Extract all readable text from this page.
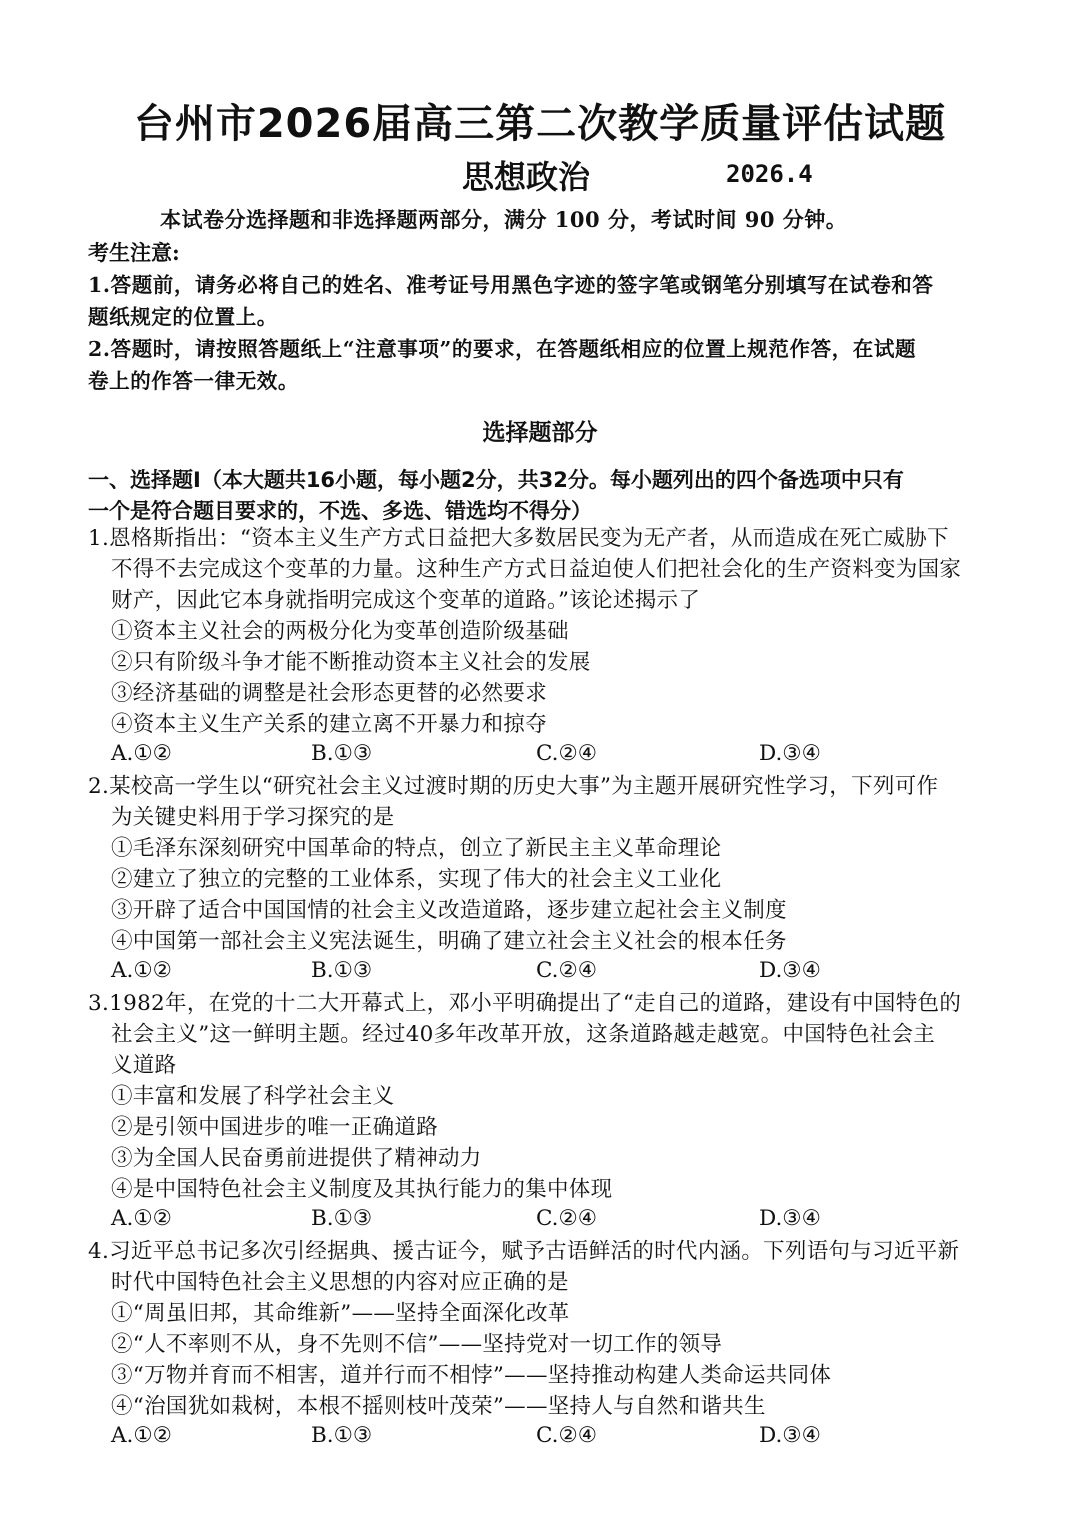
台州市2026届高三第二次教学质量评估试题
思想政治	2026.4
本试卷分选择题和非选择题两部分，满分 100 分，考试时间 90 分钟。
考生注意:
1.答题前，请务必将自己的姓名、准考证号用黑色字迹的签字笔或钢笔分别填写在试卷和答
题纸规定的位置上。
2.答题时，请按照答题纸上“注意事项”的要求，在答题纸相应的位置上规范作答，在试题
卷上的作答一律无效。
选择题部分
一、选择题Ⅰ（本大题共16小题，每小题2分，共32分。每小题列出的四个备选项中只有
一个是符合题目要求的，不选、多选、错选均不得分）
1.恩格斯指出：“资本主义生产方式日益把大多数居民变为无产者，从而造成在死亡威胁下
不得不去完成这个变革的力量。这种生产方式日益迫使人们把社会化的生产资料变为国家
财产，因此它本身就指明完成这个变革的道路。”该论述揭示了
①资本主义社会的两极分化为变革创造阶级基础
②只有阶级斗争才能不断推动资本主义社会的发展
③经济基础的调整是社会形态更替的必然要求
④资本主义生产关系的建立离不开暴力和掠夺
A.①②	B.①③	C.②④	D.③④
2.某校高一学生以“研究社会主义过渡时期的历史大事”为主题开展研究性学习，下列可作
为关键史料用于学习探究的是
①毛泽东深刻研究中国革命的特点，创立了新民主主义革命理论
②建立了独立的完整的工业体系，实现了伟大的社会主义工业化
③开辟了适合中国国情的社会主义改造道路，逐步建立起社会主义制度
④中国第一部社会主义宪法诞生，明确了建立社会主义社会的根本任务
A.①②	B.①③	C.②④	D.③④
3.1982年，在党的十二大开幕式上，邓小平明确提出了“走自己的道路，建设有中国特色的
社会主义”这一鲜明主题。经过40多年改革开放，这条道路越走越宽。中国特色社会主
义道路
①丰富和发展了科学社会主义
②是引领中国进步的唯一正确道路
③为全国人民奋勇前进提供了精神动力
④是中国特色社会主义制度及其执行能力的集中体现
A.①②	B.①③	C.②④	D.③④
4.习近平总书记多次引经据典、援古证今，赋予古语鲜活的时代内涵。下列语句与习近平新
时代中国特色社会主义思想的内容对应正确的是
①“周虽旧邦，其命维新”——坚持全面深化改革
②“人不率则不从，身不先则不信”——坚持党对一切工作的领导
③“万物并育而不相害，道并行而不相悖”——坚持推动构建人类命运共同体
④“治国犹如栽树，本根不摇则枝叶茂荣”——坚持人与自然和谐共生
A.①②	B.①③	C.②④	D.③④
